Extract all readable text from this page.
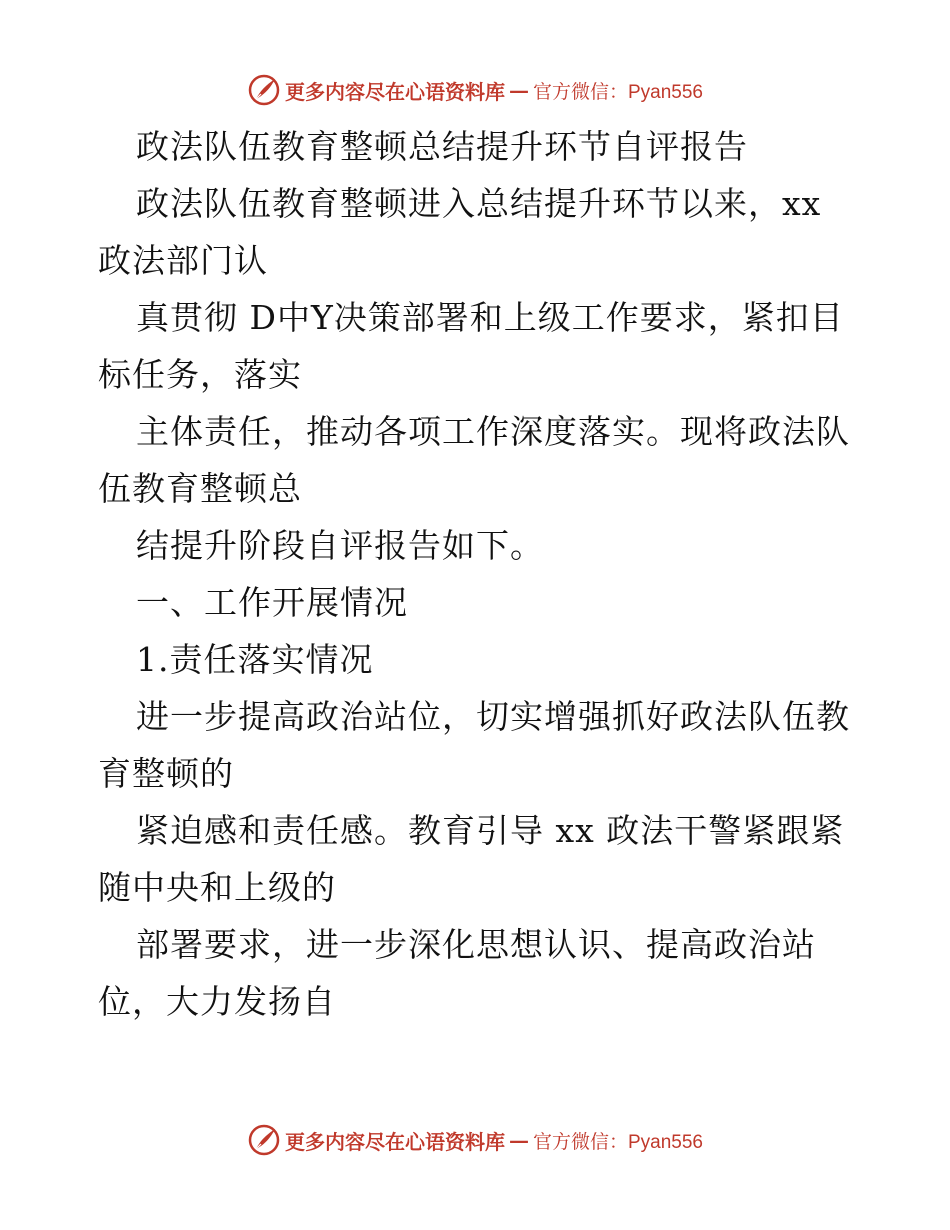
更多内容尽在心语资料库 — 官方微信：Pyan556
政法队伍教育整顿总结提升环节自评报告
政法队伍教育整顿进入总结提升环节以来，xx
政法部门认
真贯彻 D中Y决策部署和上级工作要求，紧扣目
标任务，落实
主体责任，推动各项工作深度落实。现将政法队
伍教育整顿总
结提升阶段自评报告如下。
一、工作开展情况
1.责任落实情况
进一步提高政治站位，切实增强抓好政法队伍教
育整顿的
紧迫感和责任感。教育引导 xx 政法干警紧跟紧
随中央和上级的
部署要求，进一步深化思想认识、提高政治站
位，大力发扬自
更多内容尽在心语资料库 — 官方微信：Pyan556
